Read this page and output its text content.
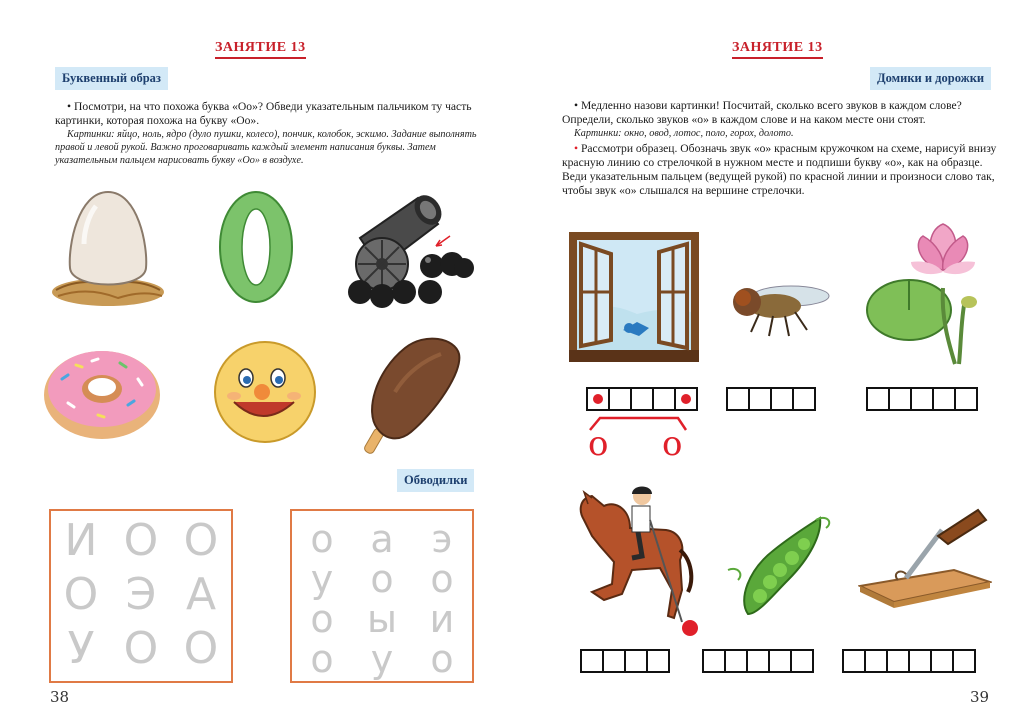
ЗАНЯТИЕ 13
Буквенный образ
• Посмотри, на что похожа буква «Оо»? Обведи указательным пальчиком ту часть картинки, которая похожа на букву «Оо».
Картинки: яйцо, ноль, ядро (дуло пушки, колесо), пончик, колобок, эскимо. Задание выполнять правой и левой рукой. Важно проговаривать каждый элемент написания буквы. Затем указательным пальцем нарисовать букву «Оо» в воздухе.
Обводилки
И О О
О Э А
У О О
о а э
у о о
о ы и
о у о
38
ЗАНЯТИЕ 13
Домики и дорожки
• Медленно назови картинки! Посчитай, сколько всего звуков в каждом слове? Определи, сколько звуков «о» в каждом слове и на каком месте они стоят.
Картинки: окно, овод, лотос, поло, горох, долото.
• Рассмотри образец. Обозначь звук «о» красным кружочком на схеме, нарисуй внизу красную линию со стрелочкой в нужном месте и подпиши букву «о», как на образце. Веди указательным пальцем (ведущей рукой) по красной линии и произноси слово так, чтобы звук «о» слышался на вершине стрелочки.
о о
39
